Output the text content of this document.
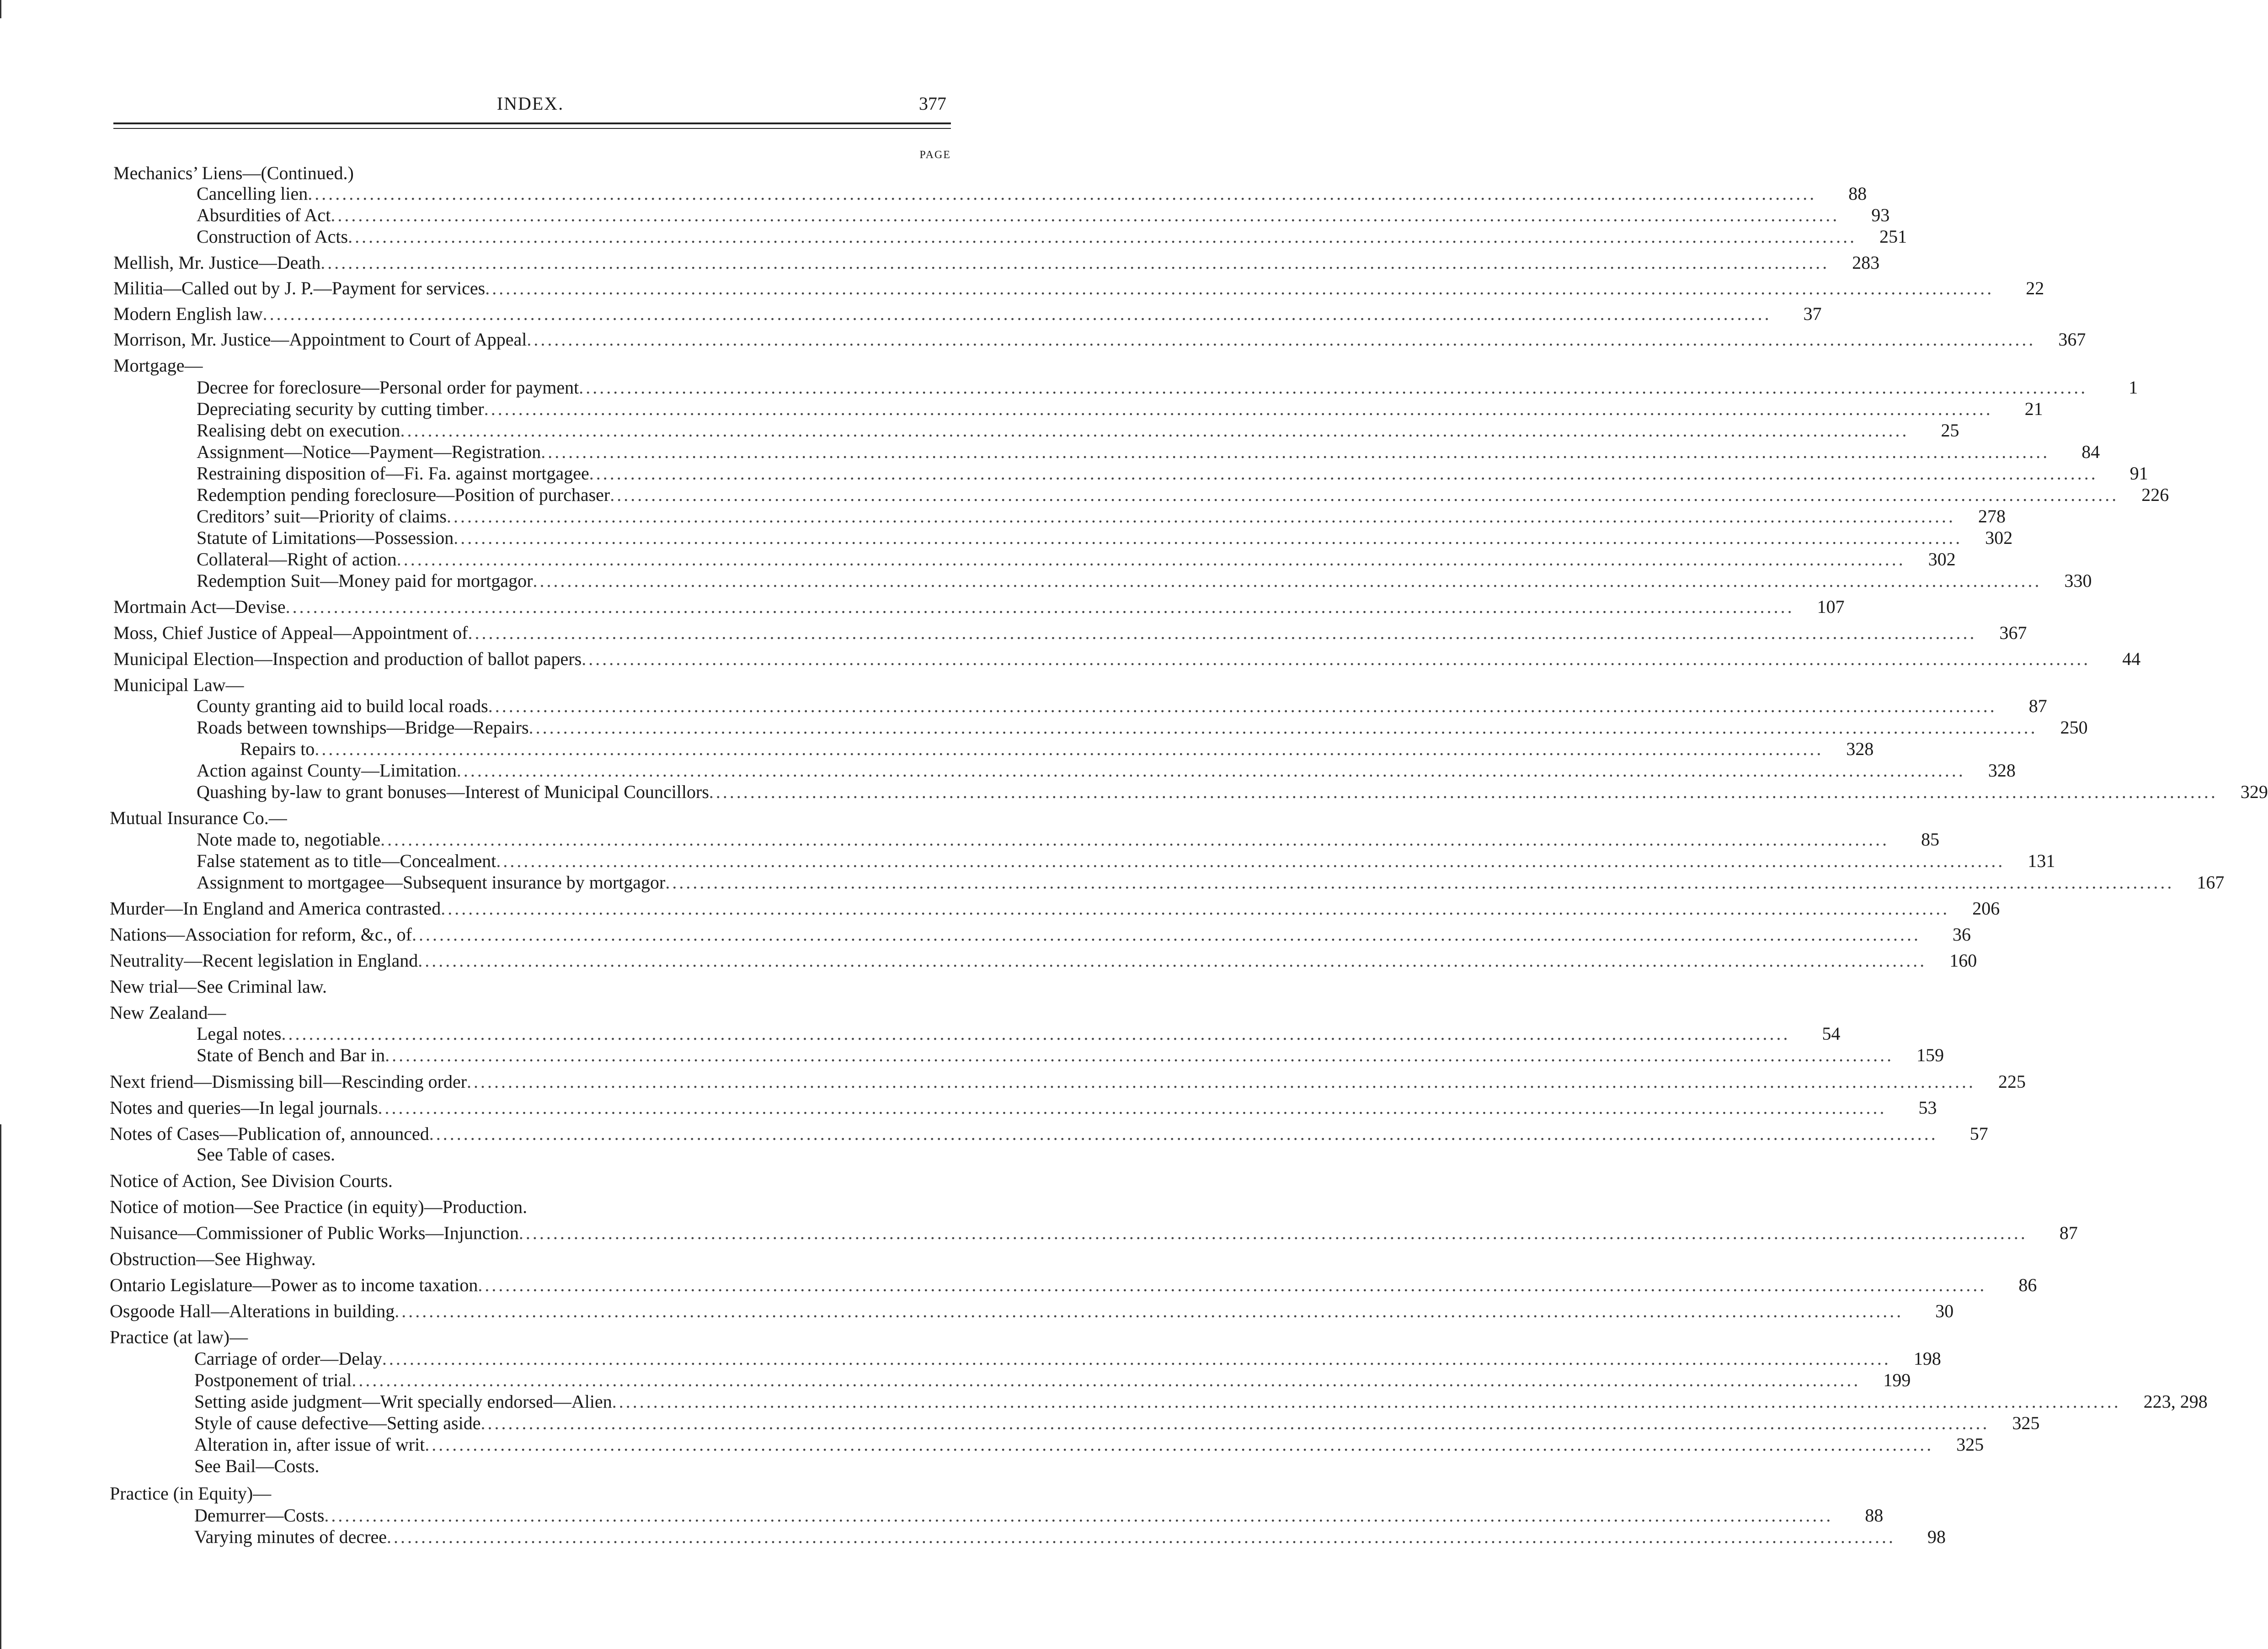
INDEX.	377
PAGE
Mechanics’ Liens—(Continued.)
Cancelling lien ............................................................................................................................................................................................................................	88
Absurdities of Act ............................................................................................................................................................................................................................	93
Construction of Acts ............................................................................................................................................................................................................................	251
Mellish, Mr. Justice—Death ............................................................................................................................................................................................................................	283
Militia—Called out by J. P.—Payment for services ............................................................................................................................................................................................................................	22
Modern English law ............................................................................................................................................................................................................................	37
Morrison, Mr. Justice—Appointment to Court of Appeal ............................................................................................................................................................................................................................	367
Mortgage—
Decree for foreclosure—Personal order for payment ............................................................................................................................................................................................................................	1
Depreciating security by cutting timber ............................................................................................................................................................................................................................	21
Realising debt on execution ............................................................................................................................................................................................................................	25
Assignment—Notice—Payment—Registration ............................................................................................................................................................................................................................	84
Restraining disposition of—Fi. Fa. against mortgagee ............................................................................................................................................................................................................................	91
Redemption pending foreclosure—Position of purchaser ............................................................................................................................................................................................................................	226
Creditors’ suit—Priority of claims ............................................................................................................................................................................................................................	278
Statute of Limitations—Possession ............................................................................................................................................................................................................................	302
Collateral—Right of action ............................................................................................................................................................................................................................	302
Redemption Suit—Money paid for mortgagor ............................................................................................................................................................................................................................	330
Mortmain Act—Devise ............................................................................................................................................................................................................................	107
Moss, Chief Justice of Appeal—Appointment of ............................................................................................................................................................................................................................	367
Municipal Election—Inspection and production of ballot papers ............................................................................................................................................................................................................................	44
Municipal Law—
County granting aid to build local roads ............................................................................................................................................................................................................................	87
Roads between townships—Bridge—Repairs ............................................................................................................................................................................................................................	250
Repairs to ............................................................................................................................................................................................................................	328
Action against County—Limitation ............................................................................................................................................................................................................................	328
Quashing by-law to grant bonuses—Interest of Municipal Councillors ............................................................................................................................................................................................................................	329
Mutual Insurance Co.—
Note made to, negotiable ............................................................................................................................................................................................................................	85
False statement as to title—Concealment ............................................................................................................................................................................................................................	131
Assignment to mortgagee—Subsequent insurance by mortgagor ............................................................................................................................................................................................................................	167
Murder—In England and America contrasted ............................................................................................................................................................................................................................	206
Nations—Association for reform, &c., of ............................................................................................................................................................................................................................	36
Neutrality—Recent legislation in England ............................................................................................................................................................................................................................	160
New trial—See Criminal law.
New Zealand—
Legal notes ............................................................................................................................................................................................................................	54
State of Bench and Bar in ............................................................................................................................................................................................................................	159
Next friend—Dismissing bill—Rescinding order ............................................................................................................................................................................................................................	225
Notes and queries—In legal journals ............................................................................................................................................................................................................................	53
Notes of Cases—Publication of, announced ............................................................................................................................................................................................................................	57
See Table of cases.
Notice of Action, See Division Courts.
Notice of motion—See Practice (in equity)—Production.
Nuisance—Commissioner of Public Works—Injunction ............................................................................................................................................................................................................................	87
Obstruction—See Highway.
Ontario Legislature—Power as to income taxation ............................................................................................................................................................................................................................	86
Osgoode Hall—Alterations in building ............................................................................................................................................................................................................................	30
Practice (at law)—
Carriage of order—Delay ............................................................................................................................................................................................................................	198
Postponement of trial ............................................................................................................................................................................................................................	199
Setting aside judgment—Writ specially endorsed—Alien ............................................................................................................................................................................................................................	223, 298
Style of cause defective—Setting aside ............................................................................................................................................................................................................................	325
Alteration in, after issue of writ ............................................................................................................................................................................................................................	325
See Bail—Costs.
Practice (in Equity)—
Demurrer—Costs ............................................................................................................................................................................................................................	88
Varying minutes of decree ............................................................................................................................................................................................................................	98
